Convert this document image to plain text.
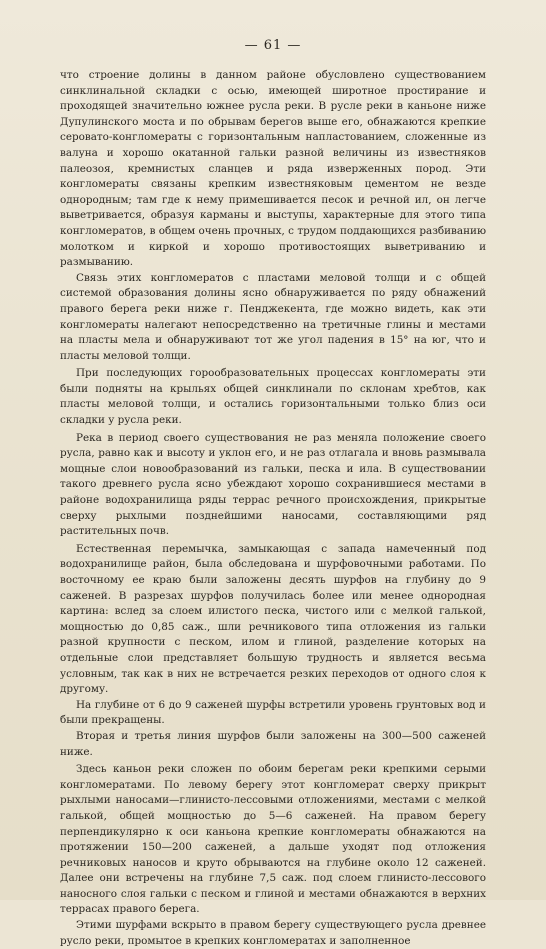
— 61 —

что строение долины в данном районе обусловлено существованием синклинальной складки с осью, имеющей широтное простирание и проходящей значительно южнее русла реки. В русле реки в каньоне ниже Дупулинского моста и по обрывам берегов выше его, обнажаются крепкие серовато-конгломераты с горизонтальным напластованием, сложенные из валуна и хорошо окатанной гальки разной величины из известняков палеозоя, кремнистых сланцев и ряда изверженных пород. Эти конгломераты связаны крепким известняковым цементом не везде однородным; там где к нему примешивается песок и речной ил, он легче выветривается, образуя карманы и выступы, характерные для этого типа конгломератов, в общем очень прочных, с трудом поддающихся разбиванию молотком и киркой и хорошо противостоящих выветриванию и размыванию.

Связь этих конгломератов с пластами меловой толщи и с общей системой образования долины ясно обнаруживается по ряду обнажений правого берега реки ниже г. Пенджекента, где можно видеть, как эти конгломераты налегают непосредственно на третичные глины и местами на пласты мела и обнаруживают тот же угол падения в 15° на юг, что и пласты меловой толщи.

При последующих горообразовательных процессах конгломераты эти были подняты на крыльях общей синклинали по склонам хребтов, как пласты меловой толщи, и остались горизонтальными только близ оси складки у русла реки.

Река в период своего существования не раз меняла положение своего русла, равно как и высоту и уклон его, и не раз отлагала и вновь размывала мощные слои новообразований из гальки, песка и ила. В существовании такого древнего русла ясно убеждают хорошо сохранившиеся местами в районе водохранилища ряды террас речного происхождения, прикрытые сверху рыхлыми позднейшими наносами, составляющими ряд растительных почв.

Естественная перемычка, замыкающая с запада намеченный под водохранилище район, была обследована и шурфовочными работами. По восточному ее краю были заложены десять шурфов на глубину до 9 саженей. В разрезах шурфов получилась более или менее однородная картина: вслед за слоем илистого песка, чистого или с мелкой галькой, мощностью до 0,85 саж., шли речникового типа отложения из гальки разной крупности с песком, илом и глиной, разделение которых на отдельные слои представляет большую трудность и является весьма условным, так как в них не встречается резких переходов от одного слоя к другому.

На глубине от 6 до 9 саженей шурфы встретили уровень грунтовых вод и были прекращены.

Вторая и третья линия шурфов были заложены на 300—500 саженей ниже.

Здесь каньон реки сложен по обоим берегам реки крепкими серыми конгломератами. По левому берегу этот конгломерат сверху прикрыт рыхлыми наносами—глинисто-лессовыми отложениями, местами с мелкой галькой, общей мощностью до 5—6 саженей. На правом берегу перпендикулярно к оси каньона крепкие конгломераты обнажаются на протяжении 150—200 саженей, а дальше уходят под отложения речниковых наносов и круто обрываются на глубине около 12 саженей. Далее они встречены на глубине 7,5 саж. под слоем глинисто-лессового наносного слоя гальки с песком и глиной и местами обнажаются в верхних террасах правого берега.

Этими шурфами вскрыто в правом берегу существующего русла древнее русло реки, промытое в крепких конгломератах и заполненное
